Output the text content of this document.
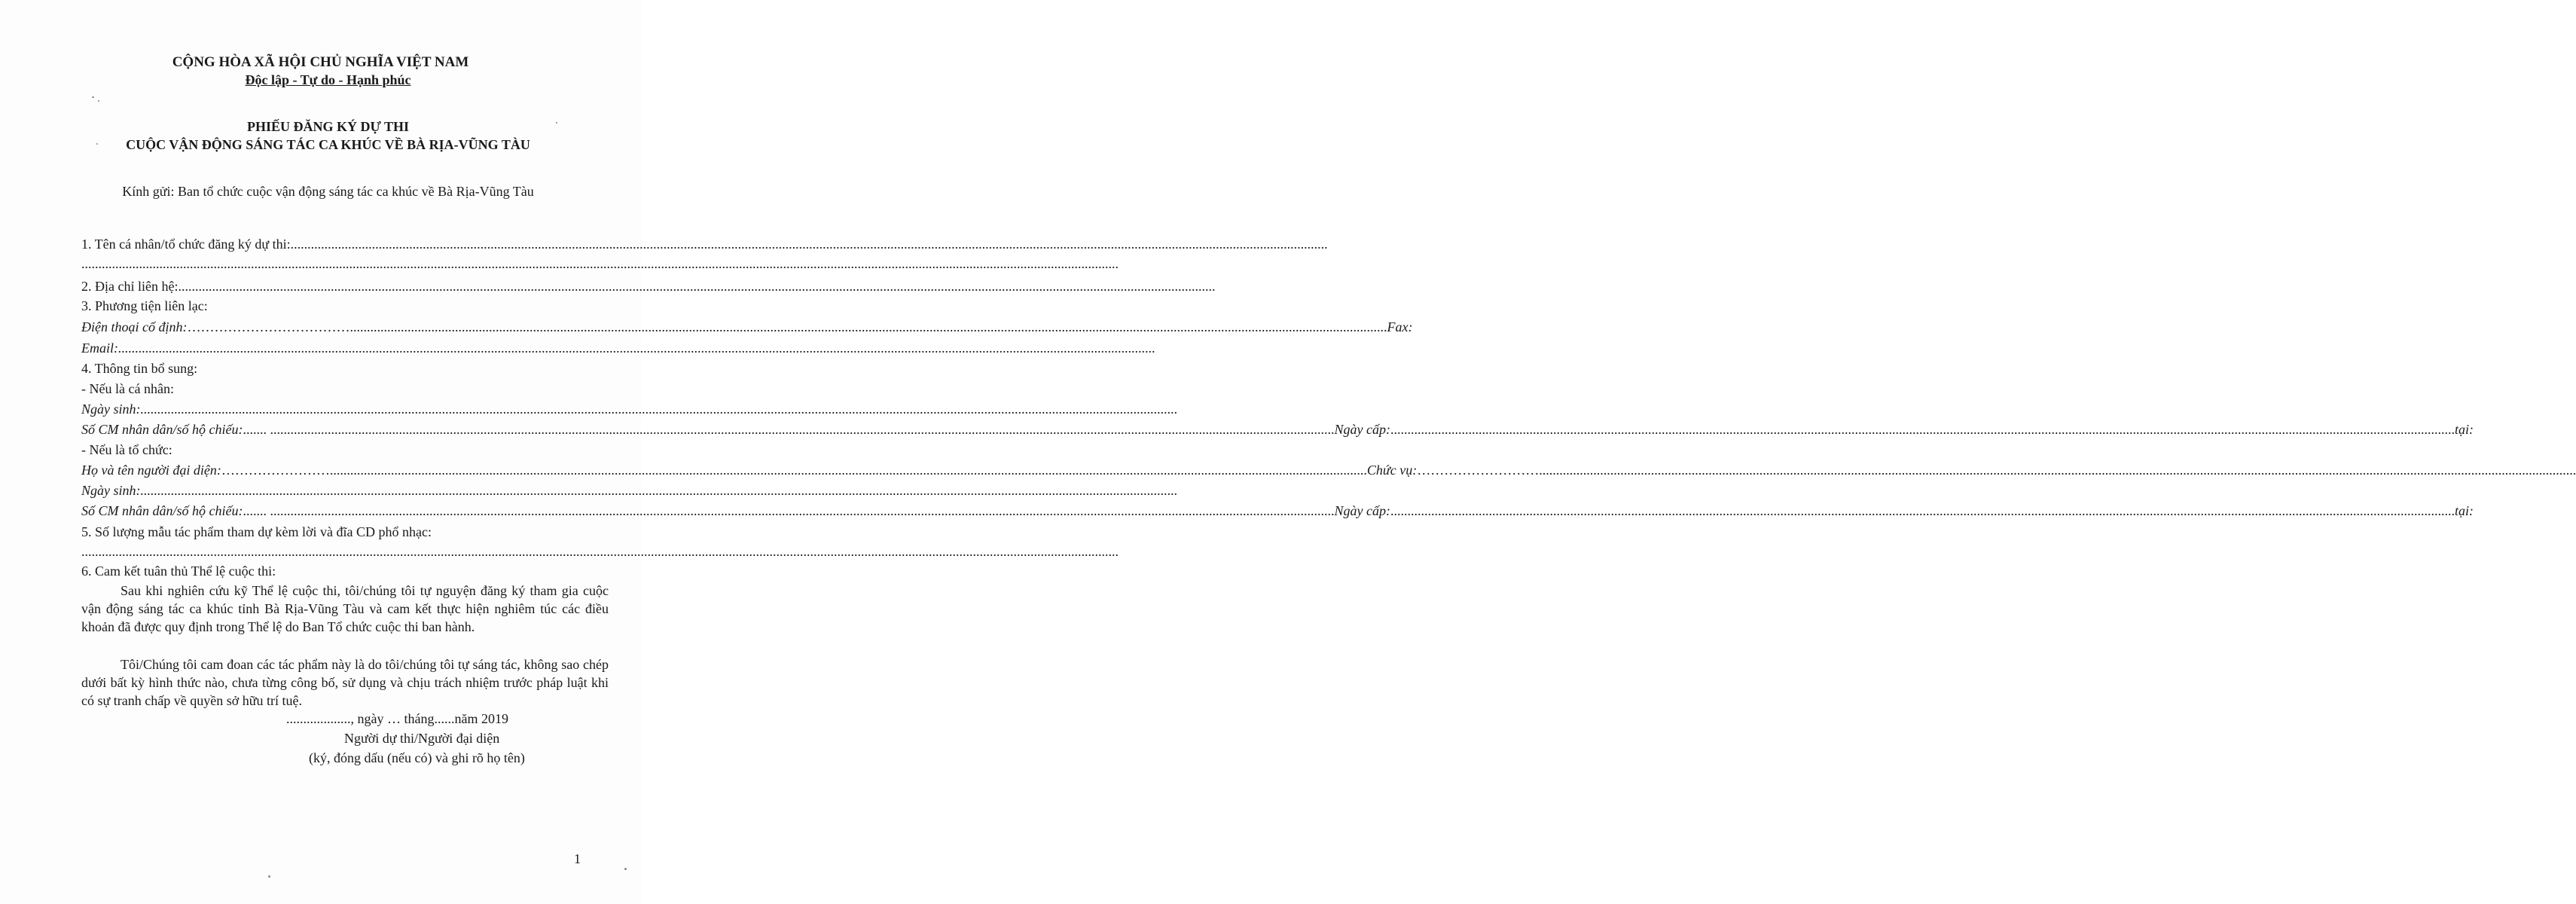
CỘNG HÒA XÃ HỘI CHỦ NGHĨA VIỆT NAM
Độc lập - Tự do - Hạnh phúc
PHIẾU ĐĂNG KÝ DỰ THI
CUỘC VẬN ĐỘNG SÁNG TÁC CA KHÚC VỀ BÀ RỊA-VŨNG TÀU
Kính gửi: Ban tổ chức cuộc vận động sáng tác ca khúc về Bà Rịa-Vũng Tàu
1. Tên cá nhân/tổ chức đăng ký dự thi:
.....
.....
2. Địa chỉ liên hệ:
.....
3. Phương tiện liên lạc:
Điện thoại cố định: ……………………………… .....	Fax:
Email:
.....
4. Thông tin bổ sung:
- Nếu là cá nhân:
Ngày sinh:
.....
Số CM nhân dân/số hộ chiếu: ....... ........ .....	Ngày cấp: ........ .....	tại:
- Nếu là tổ chức:
Họ và tên người đại diện: …………………… .....	Chức vụ: ……………………… .....
Ngày sinh:
.....
Số CM nhân dân/số hộ chiếu: ....... ........ .....	Ngày cấp: ........ .....	tại:
5. Số lượng mẫu tác phẩm tham dự kèm lời và đĩa CD phổ nhạc:
.....
6. Cam kết tuân thủ Thể lệ cuộc thi:
Sau khi nghiên cứu kỹ Thể lệ cuộc thi, tôi/chúng tôi tự nguyện đăng ký tham gia cuộc vận động sáng tác ca khúc tỉnh Bà Rịa-Vũng Tàu và cam kết thực hiện nghiêm túc các điều khoản đã được quy định trong Thể lệ do Ban Tổ chức cuộc thi ban hành.
Tôi/Chúng tôi cam đoan các tác phẩm này là do tôi/chúng tôi tự sáng tác, không sao chép dưới bất kỳ hình thức nào, chưa từng công bố, sử dụng và chịu trách nhiệm trước pháp luật khi có sự tranh chấp về quyền sở hữu trí tuệ.
..................., ngày … tháng......năm 2019
Người dự thi/Người đại diện
(ký, đóng dấu (nếu có) và ghi rõ họ tên)
1
